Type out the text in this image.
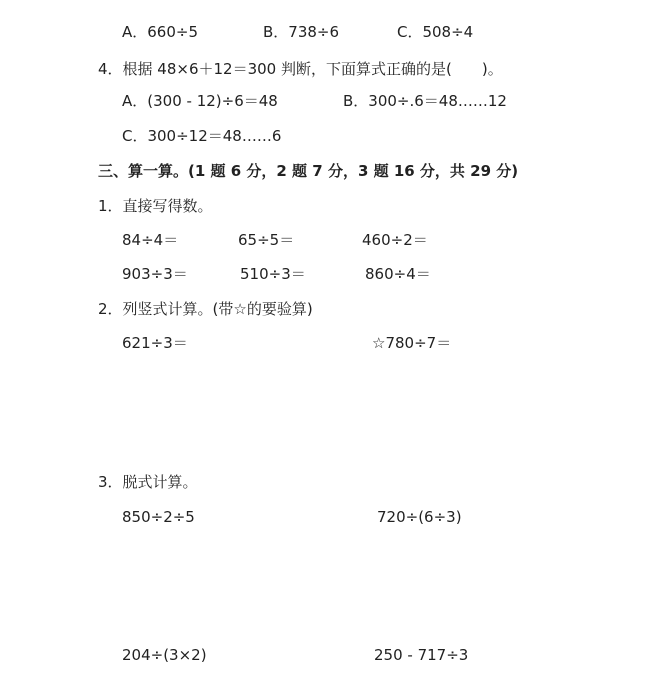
A．660÷5	B．738÷6	C．508÷4
4．根据 48×6＋12＝300 判断，下面算式正确的是(　　)。
A．(300 - 12)÷6＝48	B．300÷.6＝48……12
C．300÷12＝48……6
三、算一算。(1 题 6 分，2 题 7 分，3 题 16 分，共 29 分)
1．直接写得数。
84÷4＝	65÷5＝	460÷2＝
903÷3＝	510÷3＝	860÷4＝
2．列竖式计算。(带☆的要验算)
621÷3＝	☆780÷7＝
3．脱式计算。
850÷2÷5	720÷(6÷3)
204÷(3×2)	250 - 717÷3
